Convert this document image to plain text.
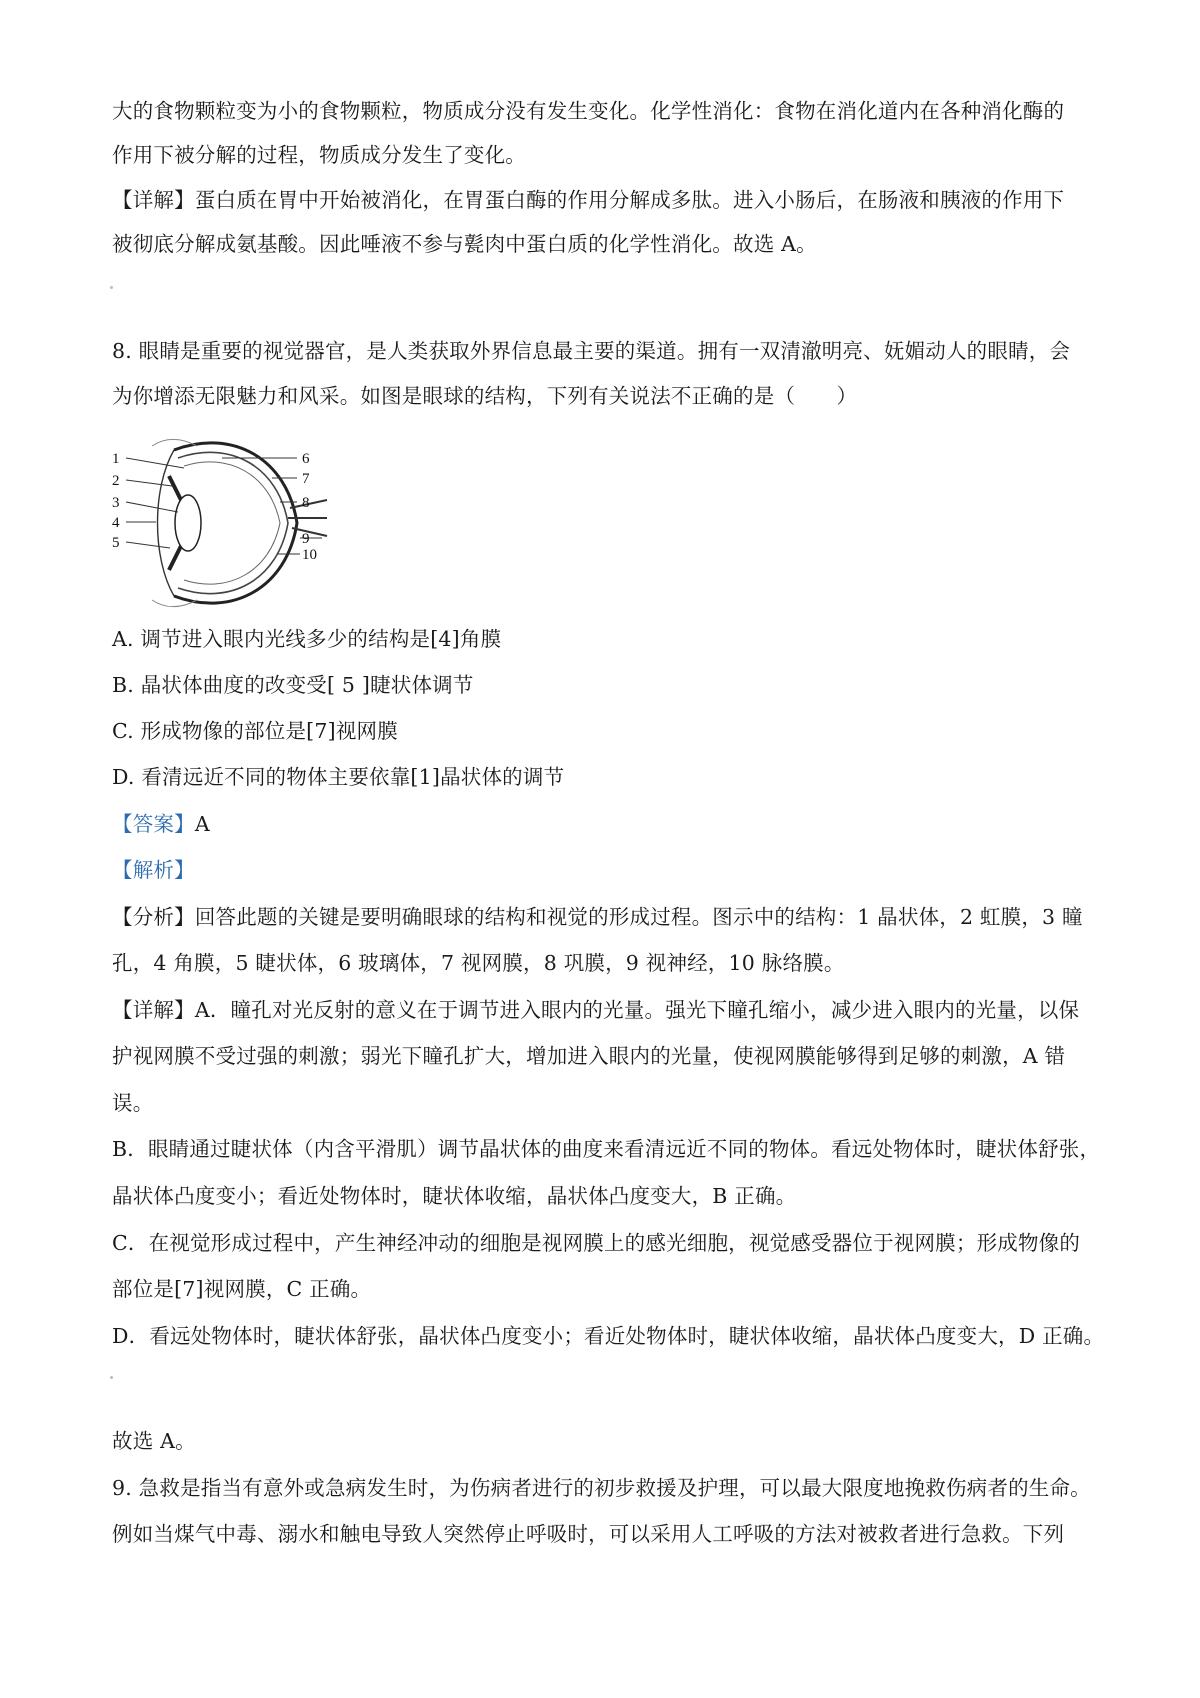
大的食物颗粒变为小的食物颗粒，物质成分没有发生变化。化学性消化：食物在消化道内在各种消化酶的
作用下被分解的过程，物质成分发生了变化。
【详解】蛋白质在胃中开始被消化，在胃蛋白酶的作用分解成多肽。进入小肠后，在肠液和胰液的作用下
被彻底分解成氨基酸。因此唾液不参与甏肉中蛋白质的化学性消化。故选 A。
8. 眼睛是重要的视觉器官，是人类获取外界信息最主要的渠道。拥有一双清澈明亮、妩媚动人的眼睛，会
为你增添无限魅力和风采。如图是眼球的结构，下列有关说法不正确的是（　　）
1
2
3
4
5
6
7
8
9
10
A. 调节进入眼内光线多少的结构是[4]角膜
B. 晶状体曲度的改变受[ 5 ]睫状体调节
C. 形成物像的部位是[7]视网膜
D. 看清远近不同的物体主要依靠[1]晶状体的调节
【答案】A
【解析】
【分析】回答此题的关键是要明确眼球的结构和视觉的形成过程。图示中的结构：1 晶状体，2 虹膜，3 瞳
孔，4 角膜，5 睫状体，6 玻璃体，7 视网膜，8 巩膜，9 视神经，10 脉络膜。
【详解】A．瞳孔对光反射的意义在于调节进入眼内的光量。强光下瞳孔缩小，减少进入眼内的光量，以保
护视网膜不受过强的刺激；弱光下瞳孔扩大，增加进入眼内的光量，使视网膜能够得到足够的刺激，A 错
误。
B．眼睛通过睫状体（内含平滑肌）调节晶状体的曲度来看清远近不同的物体。看远处物体时，睫状体舒张，
晶状体凸度变小；看近处物体时，睫状体收缩，晶状体凸度变大，B 正确。
C．在视觉形成过程中，产生神经冲动的细胞是视网膜上的感光细胞，视觉感受器位于视网膜；形成物像的
部位是[7]视网膜，C 正确。
D．看远处物体时，睫状体舒张，晶状体凸度变小；看近处物体时，睫状体收缩，晶状体凸度变大，D 正确。
故选 A。
9. 急救是指当有意外或急病发生时，为伤病者进行的初步救援及护理，可以最大限度地挽救伤病者的生命。
例如当煤气中毒、溺水和触电导致人突然停止呼吸时，可以采用人工呼吸的方法对被救者进行急救。下列
